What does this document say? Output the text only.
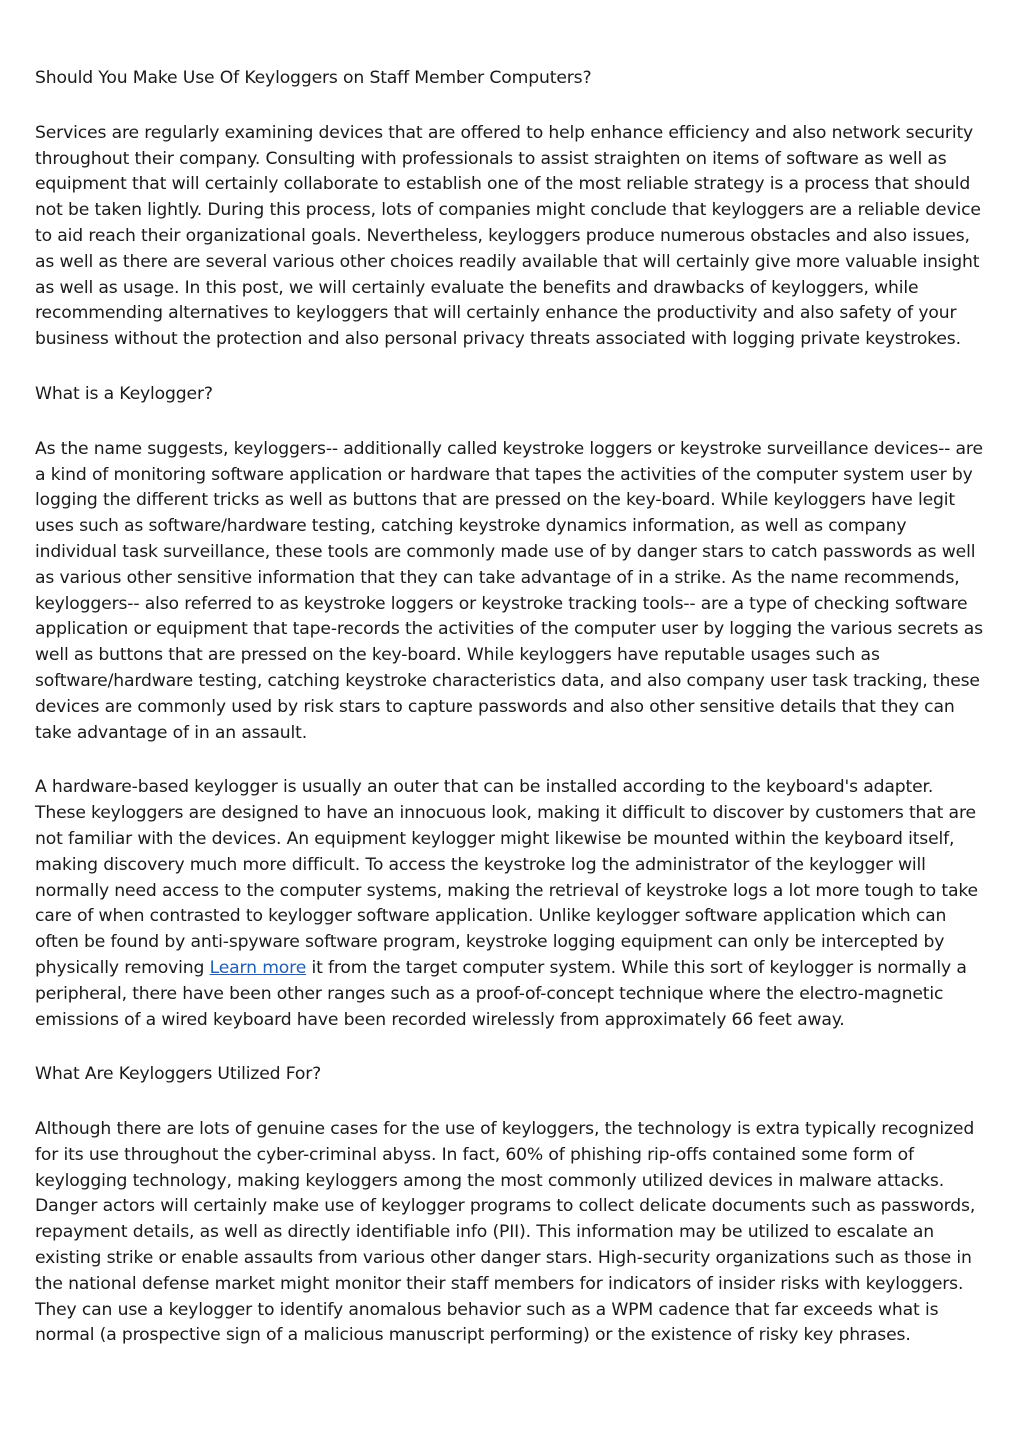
Should You Make Use Of Keyloggers on Staff Member Computers?

Services are regularly examining devices that are offered to help enhance efficiency and also network security throughout their company. Consulting with professionals to assist straighten on items of software as well as equipment that will certainly collaborate to establish one of the most reliable strategy is a process that should not be taken lightly. During this process, lots of companies might conclude that keyloggers are a reliable device to aid reach their organizational goals. Nevertheless, keyloggers produce numerous obstacles and also issues, as well as there are several various other choices readily available that will certainly give more valuable insight as well as usage. In this post, we will certainly evaluate the benefits and drawbacks of keyloggers, while recommending alternatives to keyloggers that will certainly enhance the productivity and also safety of your business without the protection and also personal privacy threats associated with logging private keystrokes.

What is a Keylogger?

As the name suggests, keyloggers-- additionally called keystroke loggers or keystroke surveillance devices-- are a kind of monitoring software application or hardware that tapes the activities of the computer system user by logging the different tricks as well as buttons that are pressed on the key-board. While keyloggers have legit uses such as software/hardware testing, catching keystroke dynamics information, as well as company individual task surveillance, these tools are commonly made use of by danger stars to catch passwords as well as various other sensitive information that they can take advantage of in a strike. As the name recommends, keyloggers-- also referred to as keystroke loggers or keystroke tracking tools-- are a type of checking software application or equipment that tape-records the activities of the computer user by logging the various secrets as well as buttons that are pressed on the key-board. While keyloggers have reputable usages such as software/hardware testing, catching keystroke characteristics data, and also company user task tracking, these devices are commonly used by risk stars to capture passwords and also other sensitive details that they can take advantage of in an assault.

A hardware-based keylogger is usually an outer that can be installed according to the keyboard's adapter. These keyloggers are designed to have an innocuous look, making it difficult to discover by customers that are not familiar with the devices. An equipment keylogger might likewise be mounted within the keyboard itself, making discovery much more difficult. To access the keystroke log the administrator of the keylogger will normally need access to the computer systems, making the retrieval of keystroke logs a lot more tough to take care of when contrasted to keylogger software application. Unlike keylogger software application which can often be found by anti-spyware software program, keystroke logging equipment can only be intercepted by physically removing Learn more it from the target computer system. While this sort of keylogger is normally a peripheral, there have been other ranges such as a proof-of-concept technique where the electro-magnetic emissions of a wired keyboard have been recorded wirelessly from approximately 66 feet away.

What Are Keyloggers Utilized For?

Although there are lots of genuine cases for the use of keyloggers, the technology is extra typically recognized for its use throughout the cyber-criminal abyss. In fact, 60% of phishing rip-offs contained some form of keylogging technology, making keyloggers among the most commonly utilized devices in malware attacks. Danger actors will certainly make use of keylogger programs to collect delicate documents such as passwords, repayment details, as well as directly identifiable info (PII). This information may be utilized to escalate an existing strike or enable assaults from various other danger stars. High-security organizations such as those in the national defense market might monitor their staff members for indicators of insider risks with keyloggers. They can use a keylogger to identify anomalous behavior such as a WPM cadence that far exceeds what is normal (a prospective sign of a malicious manuscript performing) or the existence of risky key phrases.
